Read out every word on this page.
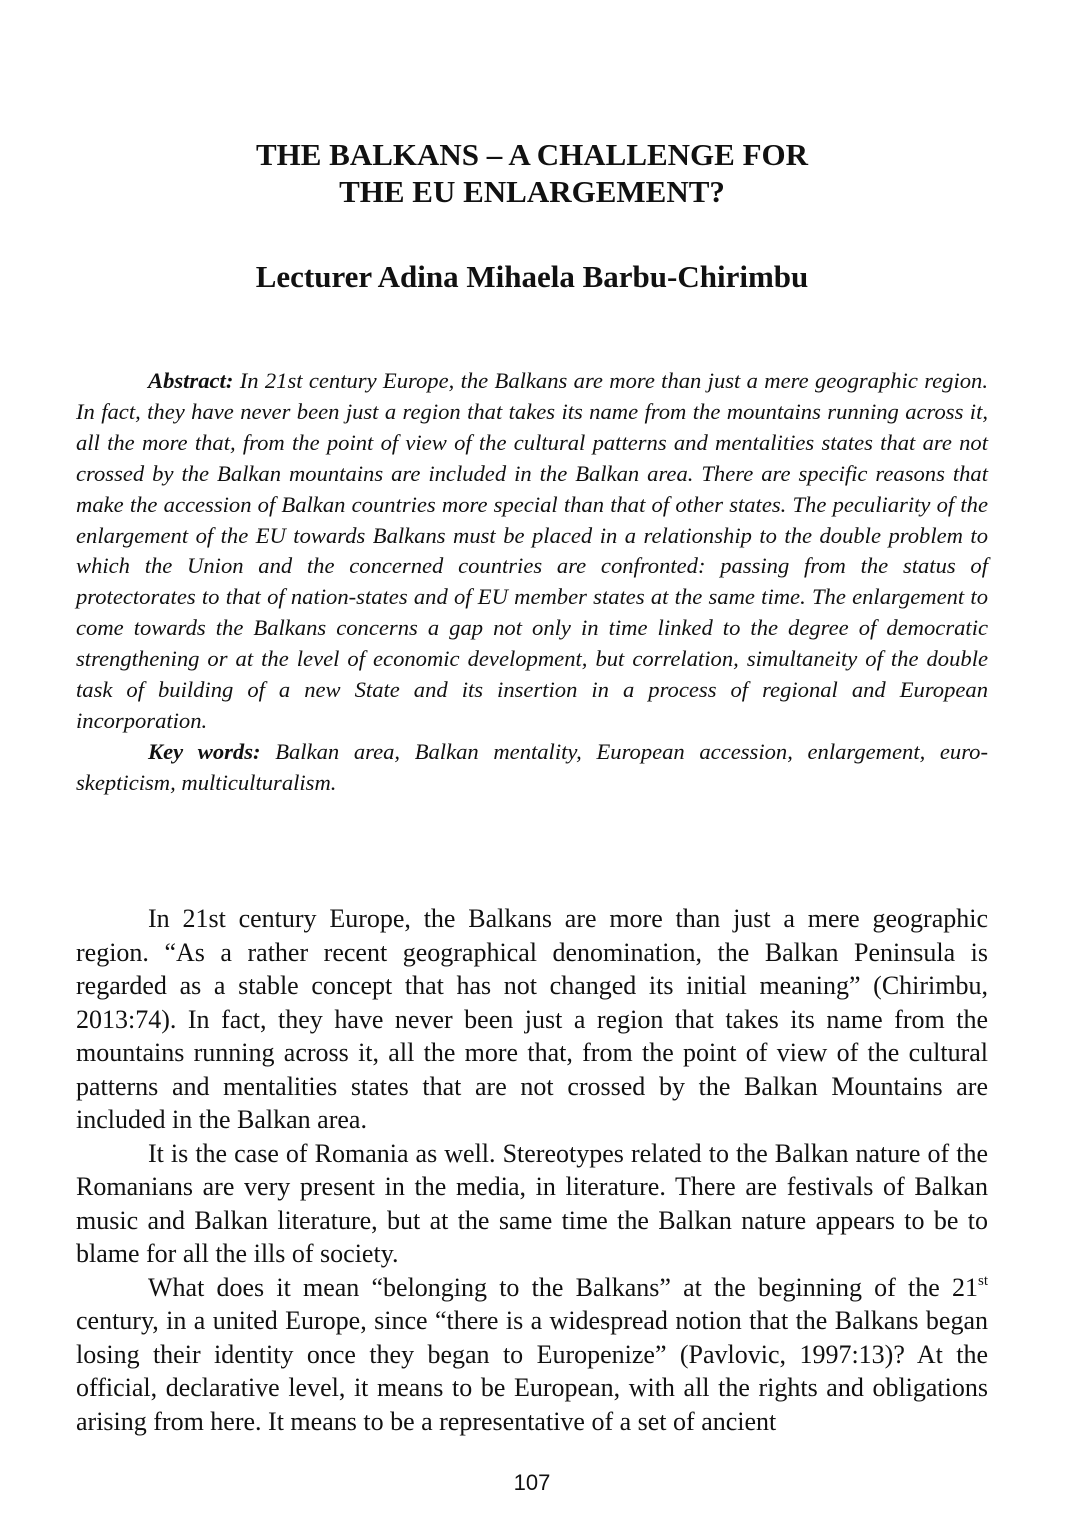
THE BALKANS – A CHALLENGE FOR
THE EU ENLARGEMENT?
Lecturer Adina Mihaela Barbu-Chirimbu

Abstract: In 21st century Europe, the Balkans are more than just a mere geographic region. In fact, they have never been just a region that takes its name from the mountains running across it, all the more that, from the point of view of the cultural patterns and mentalities states that are not crossed by the Balkan mountains are included in the Balkan area. There are specific reasons that make the accession of Balkan countries more special than that of other states. The peculiarity of the enlargement of the EU towards Balkans must be placed in a relationship to the double problem to which the Union and the concerned countries are confronted: passing from the status of protectorates to that of nation-states and of EU member states at the same time. The enlargement to come towards the Balkans concerns a gap not only in time linked to the degree of democratic strengthening or at the level of economic development, but correlation, simultaneity of the double task of building of a new State and its insertion in a process of regional and European incorporation.

Key words: Balkan area, Balkan mentality, European accession, enlargement, euro-skepticism, multiculturalism.

In 21st century Europe, the Balkans are more than just a mere geographic region. “As a rather recent geographical denomination, the Balkan Peninsula is regarded as a stable concept that has not changed its initial meaning” (Chirimbu, 2013:74). In fact, they have never been just a region that takes its name from the mountains running across it, all the more that, from the point of view of the cultural patterns and mentalities states that are not crossed by the Balkan Mountains are included in the Balkan area.

It is the case of Romania as well. Stereotypes related to the Balkan nature of the Romanians are very present in the media, in literature. There are festivals of Balkan music and Balkan literature, but at the same time the Balkan nature appears to be to blame for all the ills of society.

What does it mean “belonging to the Balkans” at the beginning of the 21st century, in a united Europe, since “there is a widespread notion that the Balkans began losing their identity once they began to Europenize” (Pavlovic, 1997:13)? At the official, declarative level, it means to be European, with all the rights and obligations arising from here. It means to be a representative of a set of ancient

107
